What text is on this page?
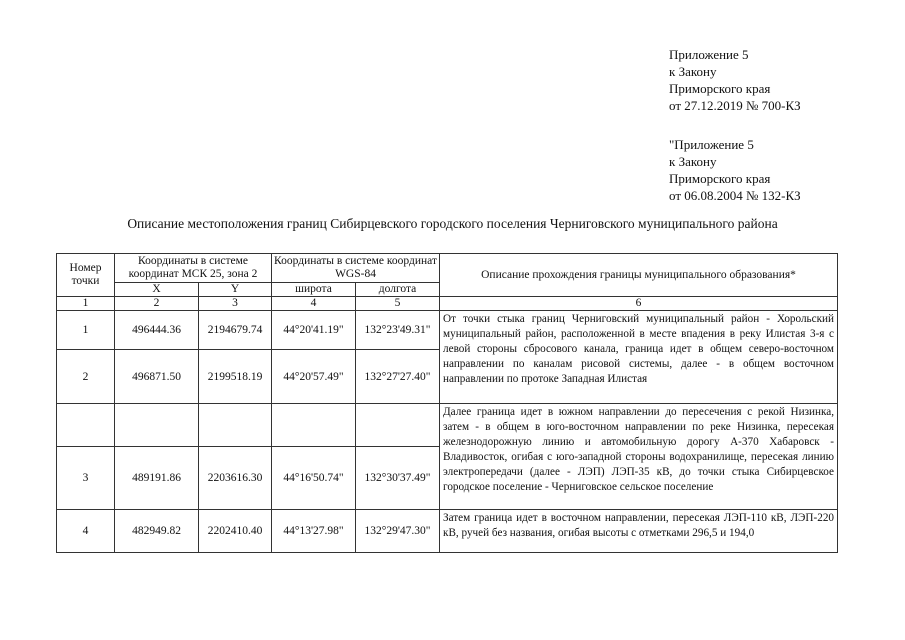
Приложение 5
к Закону
Приморского края
от 27.12.2019 № 700-КЗ
"Приложение 5
к Закону
Приморского края
от 06.08.2004 № 132-КЗ
Описание местоположения границ Сибирцевского городского поселения Черниговского муниципального района
Номер точки	Координаты в системе координат МСК 25, зона 2		Координаты в системе координат WGS-84		Описание прохождения границы муниципального образования*
	X	Y	широта	долгота	
1	2	3	4	5	6
1	496444.36	2194679.74	44°20'41.19"	132°23'49.31"	От точки стыка границ Черниговский муниципальный район - Хорольский муниципальный район, расположенной в месте впадения в реку Илистая 3-я с левой стороны сбросового канала, граница идет в общем северо-восточном направлении по каналам рисовой системы, далее - в общем восточном направлении по протоке Западная Илистая
2	496871.50	2199518.19	44°20'57.49"	132°27'27.40"	
					Далее граница идет в южном направлении до пересечения с рекой Низинка, затем - в общем в юго-восточном направлении по реке Низинка, пересекая железнодорожную линию и автомобильную дорогу А-370 Хабаровск - Владивосток, огибая с юго-западной стороны водохранилище, пересекая линию электропередачи (далее - ЛЭП) ЛЭП-35 кВ, до точки стыка Сибирцевское городское поселение - Черниговское сельское поселение
3	489191.86	2203616.30	44°16'50.74"	132°30'37.49"	
4	482949.82	2202410.40	44°13'27.98"	132°29'47.30"	Затем граница идет в восточном направлении, пересекая ЛЭП-110 кВ, ЛЭП-220 кВ, ручей без названия, огибая высоты с отметками 296,5 и 194,0
